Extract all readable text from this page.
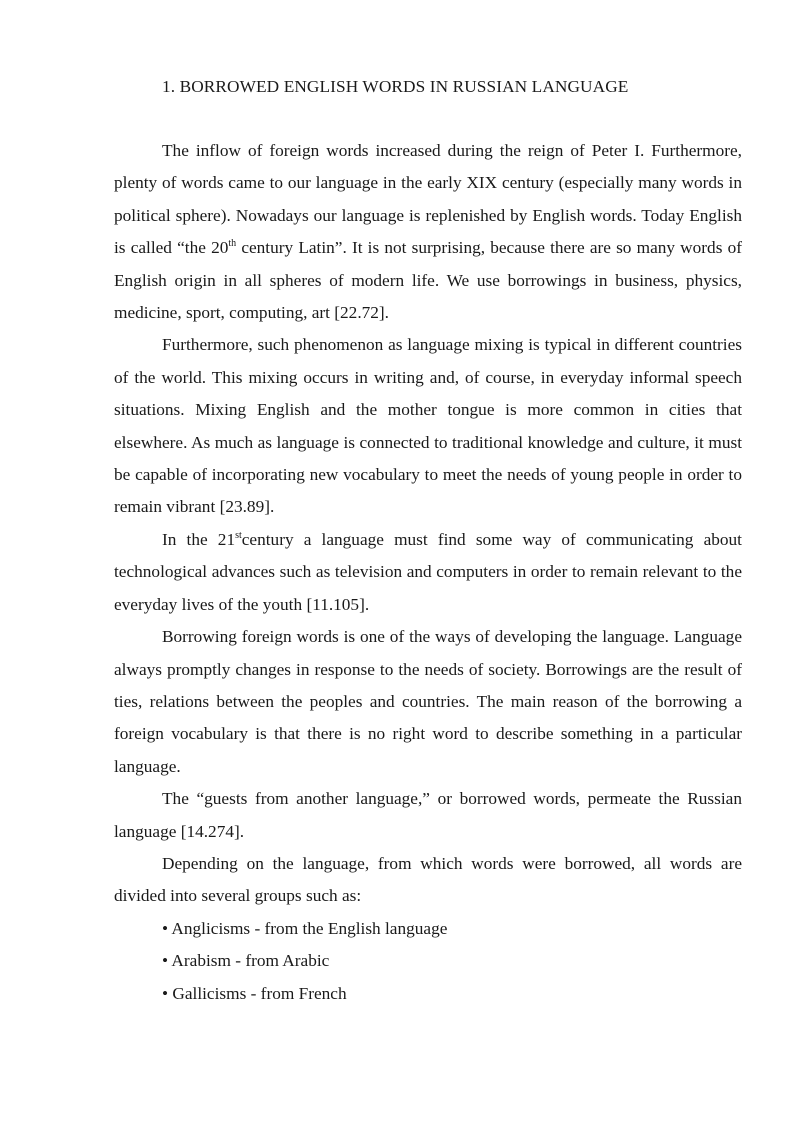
1. BORROWED ENGLISH WORDS IN RUSSIAN LANGUAGE

The inflow of foreign words increased during the reign of Peter I. Furthermore, plenty of words came to our language in the early XIX century (especially many words in political sphere). Nowadays our language is replenished by English words. Today English is called “the 20th century Latin”. It is not surprising, because there are so many words of English origin in all spheres of modern life. We use borrowings in business, physics, medicine, sport, computing, art [22.72].

Furthermore, such phenomenon as language mixing is typical in different countries of the world. This mixing occurs in writing and, of course, in everyday informal speech situations. Mixing English and the mother tongue is more common in cities that elsewhere. As much as language is connected to traditional knowledge and culture, it must be capable of incorporating new vocabulary to meet the needs of young people in order to remain vibrant [23.89].

In the 21stcentury a language must find some way of communicating about technological advances such as television and computers in order to remain relevant to the everyday lives of the youth [11.105].

Borrowing foreign words is one of the ways of developing the language. Language always promptly changes in response to the needs of society. Borrowings are the result of ties, relations between the peoples and countries. The main reason of the borrowing a foreign vocabulary is that there is no right word to describe something in a particular language.

The “guests from another language,” or borrowed words, permeate the Russian language [14.274].

Depending on the language, from which words were borrowed, all words are divided into several groups such as:

• Anglicisms - from the English language
• Arabism - from Arabic
• Gallicisms - from French
